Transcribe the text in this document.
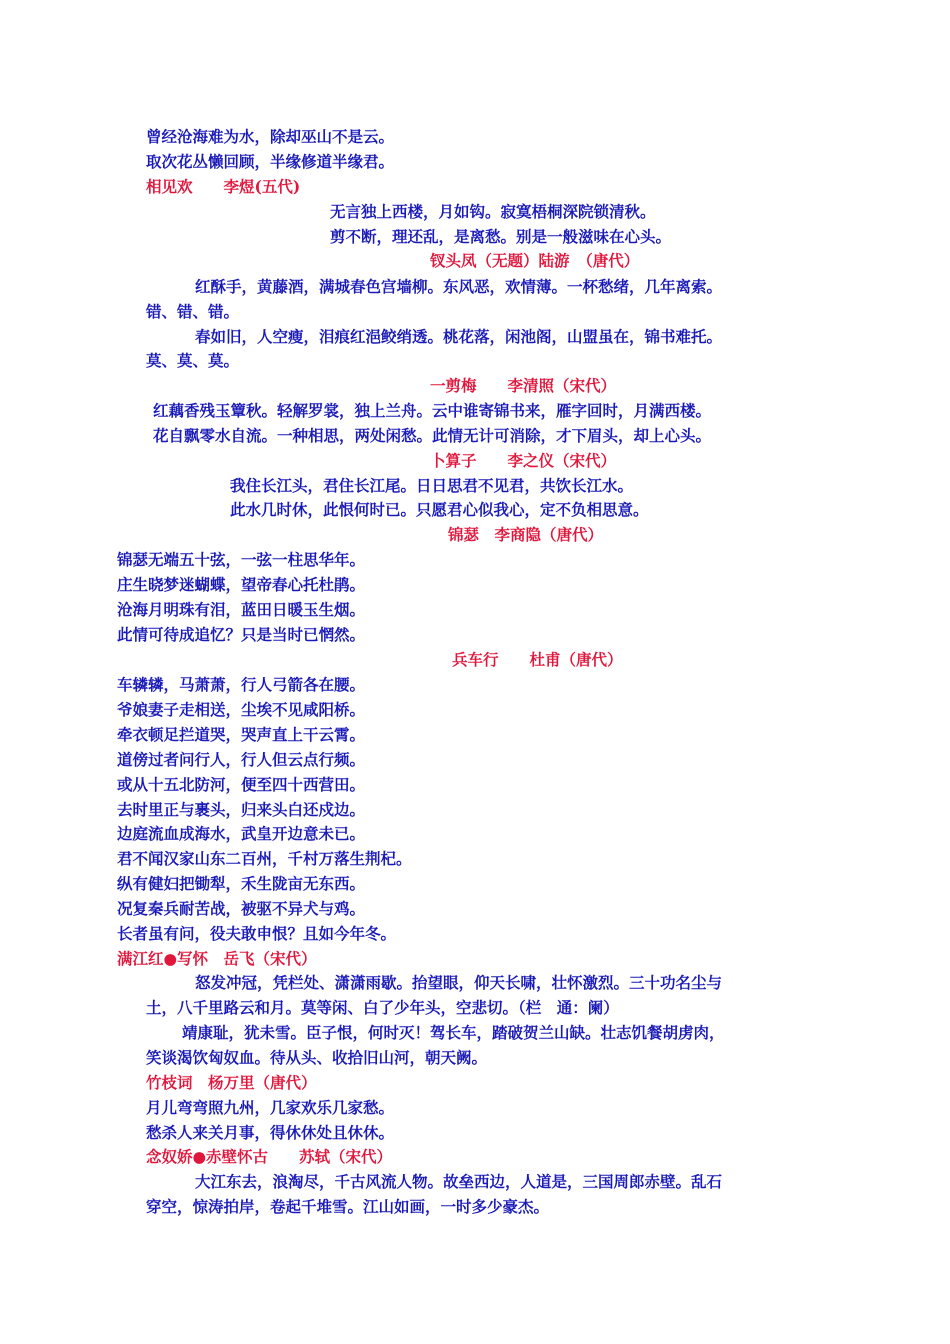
曾经沧海难为水，除却巫山不是云。
取次花丛懒回顾，半缘修道半缘君。
相见欢　　李煜(五代)
无言独上西楼，月如钩。寂寞梧桐深院锁清秋。
剪不断，理还乱，是离愁。别是一般滋味在心头。
钗头凤（无题）陆游　（唐代）
红酥手，黄藤酒，满城春色宫墙柳。东风恶，欢情薄。一杯愁绪，几年离索。
错、错、错。
春如旧，人空瘦，泪痕红浥鲛绡透。桃花落，闲池阁，山盟虽在，锦书难托。
莫、莫、莫。
一剪梅　　李清照（宋代）
红藕香残玉簟秋。轻解罗裳，独上兰舟。云中谁寄锦书来，雁字回时，月满西楼。
花自飘零水自流。一种相思，两处闲愁。此情无计可消除，才下眉头，却上心头。
卜算子　　李之仪（宋代）
我住长江头，君住长江尾。日日思君不见君，共饮长江水。
此水几时休，此恨何时已。只愿君心似我心，定不负相思意。
锦瑟　李商隐（唐代）
锦瑟无端五十弦，一弦一柱思华年。
庄生晓梦迷蝴蝶，望帝春心托杜鹃。
沧海月明珠有泪，蓝田日暖玉生烟。
此情可待成追忆？只是当时已惘然。
兵车行　　杜甫（唐代）
车辚辚，马萧萧，行人弓箭各在腰。
爷娘妻子走相送，尘埃不见咸阳桥。
牵衣顿足拦道哭，哭声直上干云霄。
道傍过者问行人，行人但云点行频。
或从十五北防河，便至四十西营田。
去时里正与裹头，归来头白还戍边。
边庭流血成海水，武皇开边意未已。
君不闻汉家山东二百州，千村万落生荆杞。
纵有健妇把锄犁，禾生陇亩无东西。
况复秦兵耐苦战，被驱不异犬与鸡。
长者虽有问，役夫敢申恨？且如今年冬。
满江红●写怀　岳飞（宋代）
怒发冲冠，凭栏处、潇潇雨歇。抬望眼，仰天长啸，壮怀激烈。三十功名尘与
土，八千里路云和月。莫等闲、白了少年头，空悲切。（栏　通：阑）
靖康耻，犹未雪。臣子恨，何时灭！驾长车，踏破贺兰山缺。壮志饥餐胡虏肉，
笑谈渴饮匈奴血。待从头、收拾旧山河，朝天阙。
竹枝词　杨万里（唐代）
月儿弯弯照九州，几家欢乐几家愁。
愁杀人来关月事，得休休处且休休。
念奴娇●赤壁怀古　　苏轼（宋代）
大江东去，浪淘尽，千古风流人物。故垒西边，人道是，三国周郎赤壁。乱石
穿空，惊涛拍岸，卷起千堆雪。江山如画，一时多少豪杰。
